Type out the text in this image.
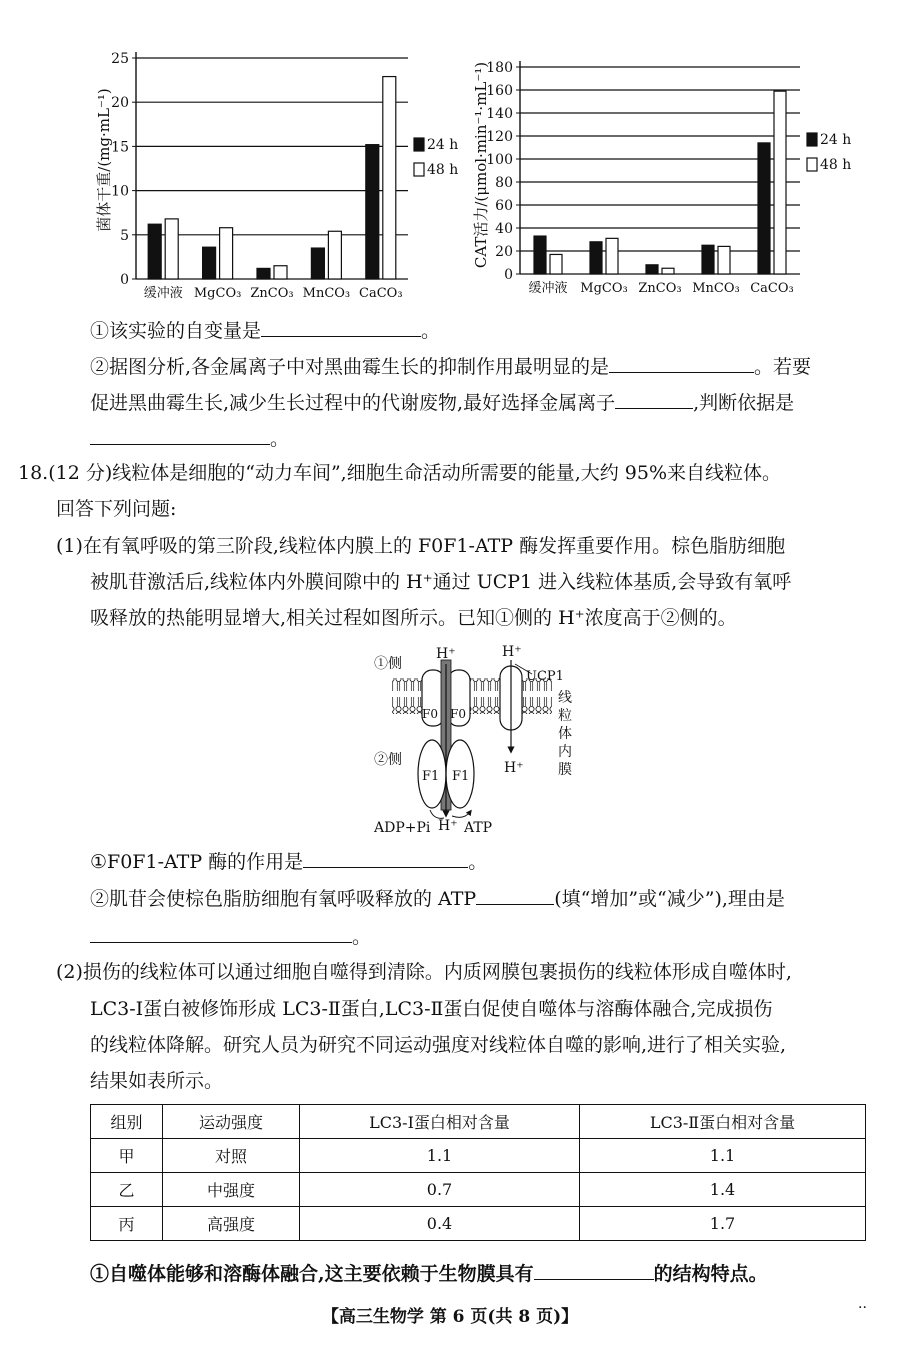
0
5
10
15
20
25
缓冲液 MgCO₃ ZnCO₃ MnCO₃ CaCO₃
24 h
48 h
菌体干重/(mg·mL⁻¹)
0
20
40
60
80
100
120
140
160
180
缓冲液 MgCO₃ ZnCO₃ MnCO₃ CaCO₃
24 h
48 h
CAT活力/(μmol·min⁻¹·mL⁻¹)
①该实验的自变量是	。
②据图分析,各金属离子中对黑曲霉生长的抑制作用最明显的是	。若要
促进黑曲霉生长,减少生长过程中的代谢废物,最好选择金属离子	,判断依据是
。
18.(12 分)线粒体是细胞的“动力车间”,细胞生命活动所需要的能量,大约 95%来自线粒体。
回答下列问题:
(1)在有氧呼吸的第三阶段,线粒体内膜上的 F0F1-ATP 酶发挥重要作用。棕色脂肪细胞
被肌苷激活后,线粒体内外膜间隙中的 H⁺通过 UCP1 进入线粒体基质,会导致有氧呼
吸释放的热能明显增大,相关过程如图所示。已知①侧的 H⁺浓度高于②侧的。
①侧
②侧
H⁺	H⁺
UCP1
F0 F0
F1 F1
H⁺
H⁺
ADP+Pi ATP
线
粒
体
内
膜
①F0F1-ATP 酶的作用是	。
②肌苷会使棕色脂肪细胞有氧呼吸释放的 ATP	(填“增加”或“减少”),理由是
。
(2)损伤的线粒体可以通过细胞自噬得到清除。内质网膜包裹损伤的线粒体形成自噬体时,
LC3-Ⅰ蛋白被修饰形成 LC3-Ⅱ蛋白,LC3-Ⅱ蛋白促使自噬体与溶酶体融合,完成损伤
的线粒体降解。研究人员为研究不同运动强度对线粒体自噬的影响,进行了相关实验,
结果如表所示。
组别	运动强度	LC3-Ⅰ蛋白相对含量	LC3-Ⅱ蛋白相对含量
甲	对照	1.1	1.1
乙	中强度	0.7	1.4
丙	高强度	0.4	1.7
①自噬体能够和溶酶体融合,这主要依赖于生物膜具有	的结构特点。
【高三生物学 第 6 页(共 8 页)】	··
